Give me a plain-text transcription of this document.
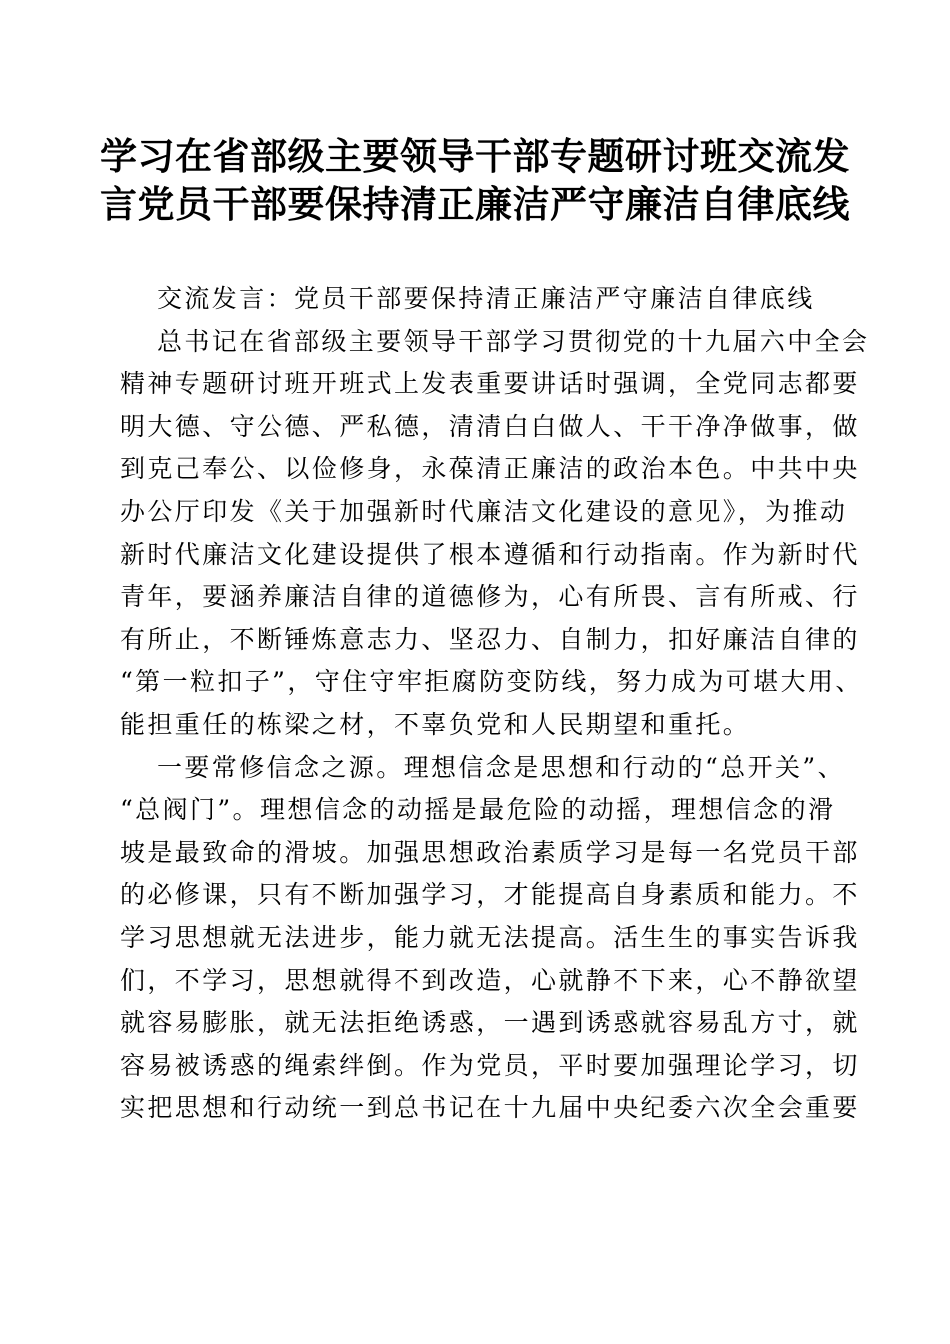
学习在省部级主要领导干部专题研讨班交流发
言党员干部要保持清正廉洁严守廉洁自律底线
交流发言：党员干部要保持清正廉洁严守廉洁自律底线
总书记在省部级主要领导干部学习贯彻党的十九届六中全会
精神专题研讨班开班式上发表重要讲话时强调，全党同志都要
明大德、守公德、严私德，清清白白做人、干干净净做事，做
到克己奉公、以俭修身，永葆清正廉洁的政治本色。中共中央
办公厅印发《关于加强新时代廉洁文化建设的意见》，为推动
新时代廉洁文化建设提供了根本遵循和行动指南。作为新时代
青年，要涵养廉洁自律的道德修为，心有所畏、言有所戒、行
有所止，不断锤炼意志力、坚忍力、自制力，扣好廉洁自律的
“第一粒扣子”，守住守牢拒腐防变防线，努力成为可堪大用、
能担重任的栋梁之材，不辜负党和人民期望和重托。
一要常修信念之源。理想信念是思想和行动的“总开关”、
“总阀门”。理想信念的动摇是最危险的动摇，理想信念的滑
坡是最致命的滑坡。加强思想政治素质学习是每一名党员干部
的必修课，只有不断加强学习，才能提高自身素质和能力。不
学习思想就无法进步，能力就无法提高。活生生的事实告诉我
们，不学习，思想就得不到改造，心就静不下来，心不静欲望
就容易膨胀，就无法拒绝诱惑，一遇到诱惑就容易乱方寸，就
容易被诱惑的绳索绊倒。作为党员，平时要加强理论学习，切
实把思想和行动统一到总书记在十九届中央纪委六次全会重要
